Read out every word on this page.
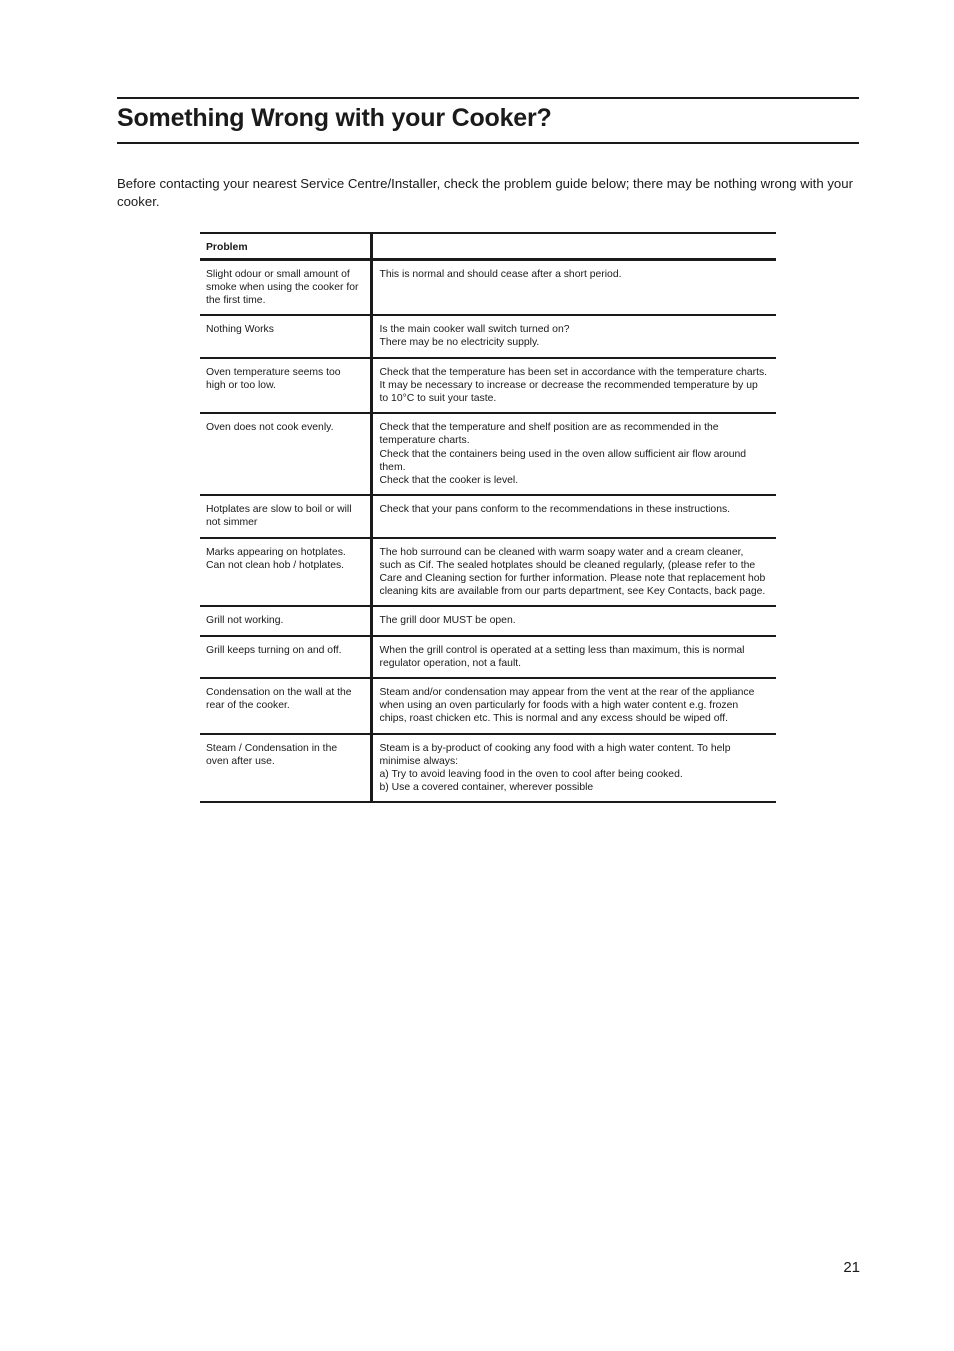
Something Wrong with your Cooker?

Before contacting your nearest Service Centre/Installer, check the problem guide below; there may be nothing wrong with your cooker.

Problem	
Slight odour or small amount of smoke when using the cooker for the first time.	This is normal and should cease after a short period.

Nothing Works	Is the main cooker wall switch turned on?
There may be no electricity supply.

Oven temperature seems too high or too low.	Check that the temperature has been set in accordance with the temperature charts. It may be necessary to increase or decrease the recommended temperature by up to 10°C to suit your taste.

Oven does not cook evenly.	Check that the temperature and shelf position are as recommended in the temperature charts.
Check that the containers being used in the oven allow sufficient air flow around them.
Check that the cooker is level.

Hotplates are slow to boil or will not simmer	Check that your pans conform to the recommendations in these instructions.

Marks appearing on hotplates. Can not clean hob / hotplates.	The hob surround can be cleaned with warm soapy water and a cream cleaner, such as Cif. The sealed hotplates should be cleaned regularly, (please refer to the Care and Cleaning section for further information. Please note that replacement hob cleaning kits are available from our parts department, see Key Contacts, back page.

Grill not working.	The grill door MUST be open.

Grill keeps turning on and off.	When the grill control is operated at a setting less than maximum, this is normal regulator operation, not a fault.

Condensation on the wall at the rear of the cooker.	Steam and/or condensation may appear from the vent at the rear of the appliance when using an oven particularly for foods with a high water content e.g. frozen chips, roast chicken etc. This is normal and any excess should be wiped off.

Steam / Condensation in the oven after use.	Steam is a by-product of cooking any food with a high water content. To help minimise always:
a) Try to avoid leaving food in the oven to cool after being cooked.
b) Use a covered container, wherever possible
21
